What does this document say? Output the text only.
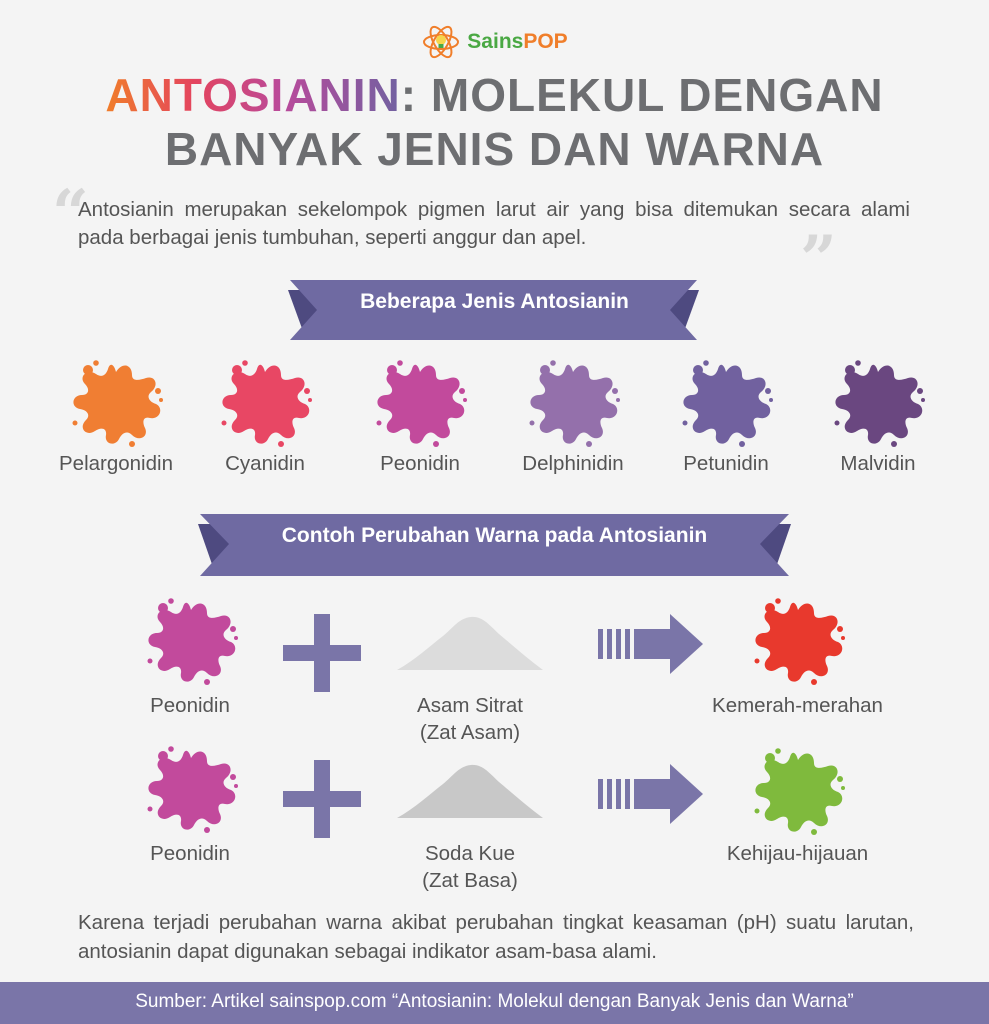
SainsPOP
ANTOSIANIN: MOLEKUL DENGAN
BANYAK JENIS DAN WARNA
“
Antosianin merupakan sekelompok pigmen larut air yang bisa ditemukan secara alami pada berbagai jenis tumbuhan, seperti anggur dan apel.	”
Beberapa Jenis Antosianin
Pelargonidin	Cyanidin	Peonidin	Delphinidin	Petunidin	Malvidin
Contoh Perubahan Warna pada Antosianin
Peonidin	Asam Sitrat
(Zat Asam)
Kemerah-merahan
Peonidin	Soda Kue
(Zat Basa)
Kehijau-hijauan
Karena terjadi perubahan warna akibat perubahan tingkat keasaman (pH) suatu larutan, antosianin dapat digunakan sebagai indikator asam-basa alami.
Sumber: Artikel sainspop.com “Antosianin: Molekul dengan Banyak Jenis dan Warna”
